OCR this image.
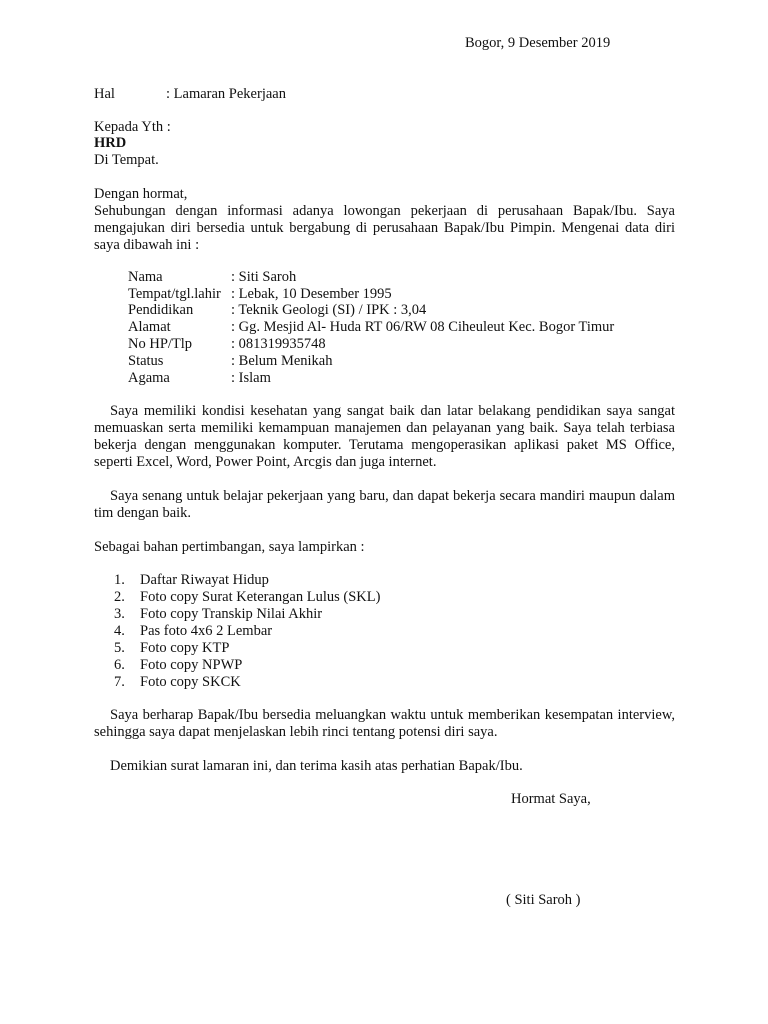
Bogor, 9 Desember 2019
Hal	: Lamaran Pekerjaan
Kepada Yth :
HRD
Di Tempat.
Dengan hormat,
Sehubungan dengan informasi adanya lowongan pekerjaan di perusahaan Bapak/Ibu. Saya mengajukan diri bersedia untuk bergabung di perusahaan Bapak/Ibu Pimpin. Mengenai data diri saya dibawah ini :
Nama	: Siti Saroh
Tempat/tgl.lahir : Lebak, 10 Desember 1995
Pendidikan	: Teknik Geologi (SI) / IPK : 3,04
Alamat	: Gg. Mesjid Al- Huda RT 06/RW 08 Ciheuleut Kec. Bogor Timur
No HP/Tlp	: 081319935748
Status	: Belum Menikah
Agama	: Islam
Saya memiliki kondisi kesehatan yang sangat baik dan latar belakang pendidikan saya sangat memuaskan serta memiliki kemampuan manajemen dan pelayanan yang baik. Saya telah terbiasa bekerja dengan menggunakan komputer. Terutama mengoperasikan aplikasi paket MS Office, seperti Excel, Word, Power Point, Arcgis dan juga internet.
Saya senang untuk belajar pekerjaan yang baru, dan dapat bekerja secara mandiri maupun dalam tim dengan baik.
Sebagai bahan pertimbangan, saya lampirkan :
1. Daftar Riwayat Hidup
2. Foto copy Surat Keterangan Lulus (SKL)
3. Foto copy Transkip Nilai Akhir
4. Pas foto 4x6 2 Lembar
5. Foto copy KTP
6. Foto copy NPWP
7. Foto copy SKCK
Saya berharap Bapak/Ibu bersedia meluangkan waktu untuk memberikan kesempatan interview, sehingga saya dapat menjelaskan lebih rinci tentang potensi diri saya.
Demikian surat lamaran ini, dan terima kasih atas perhatian Bapak/Ibu.
Hormat Saya,
( Siti Saroh )
